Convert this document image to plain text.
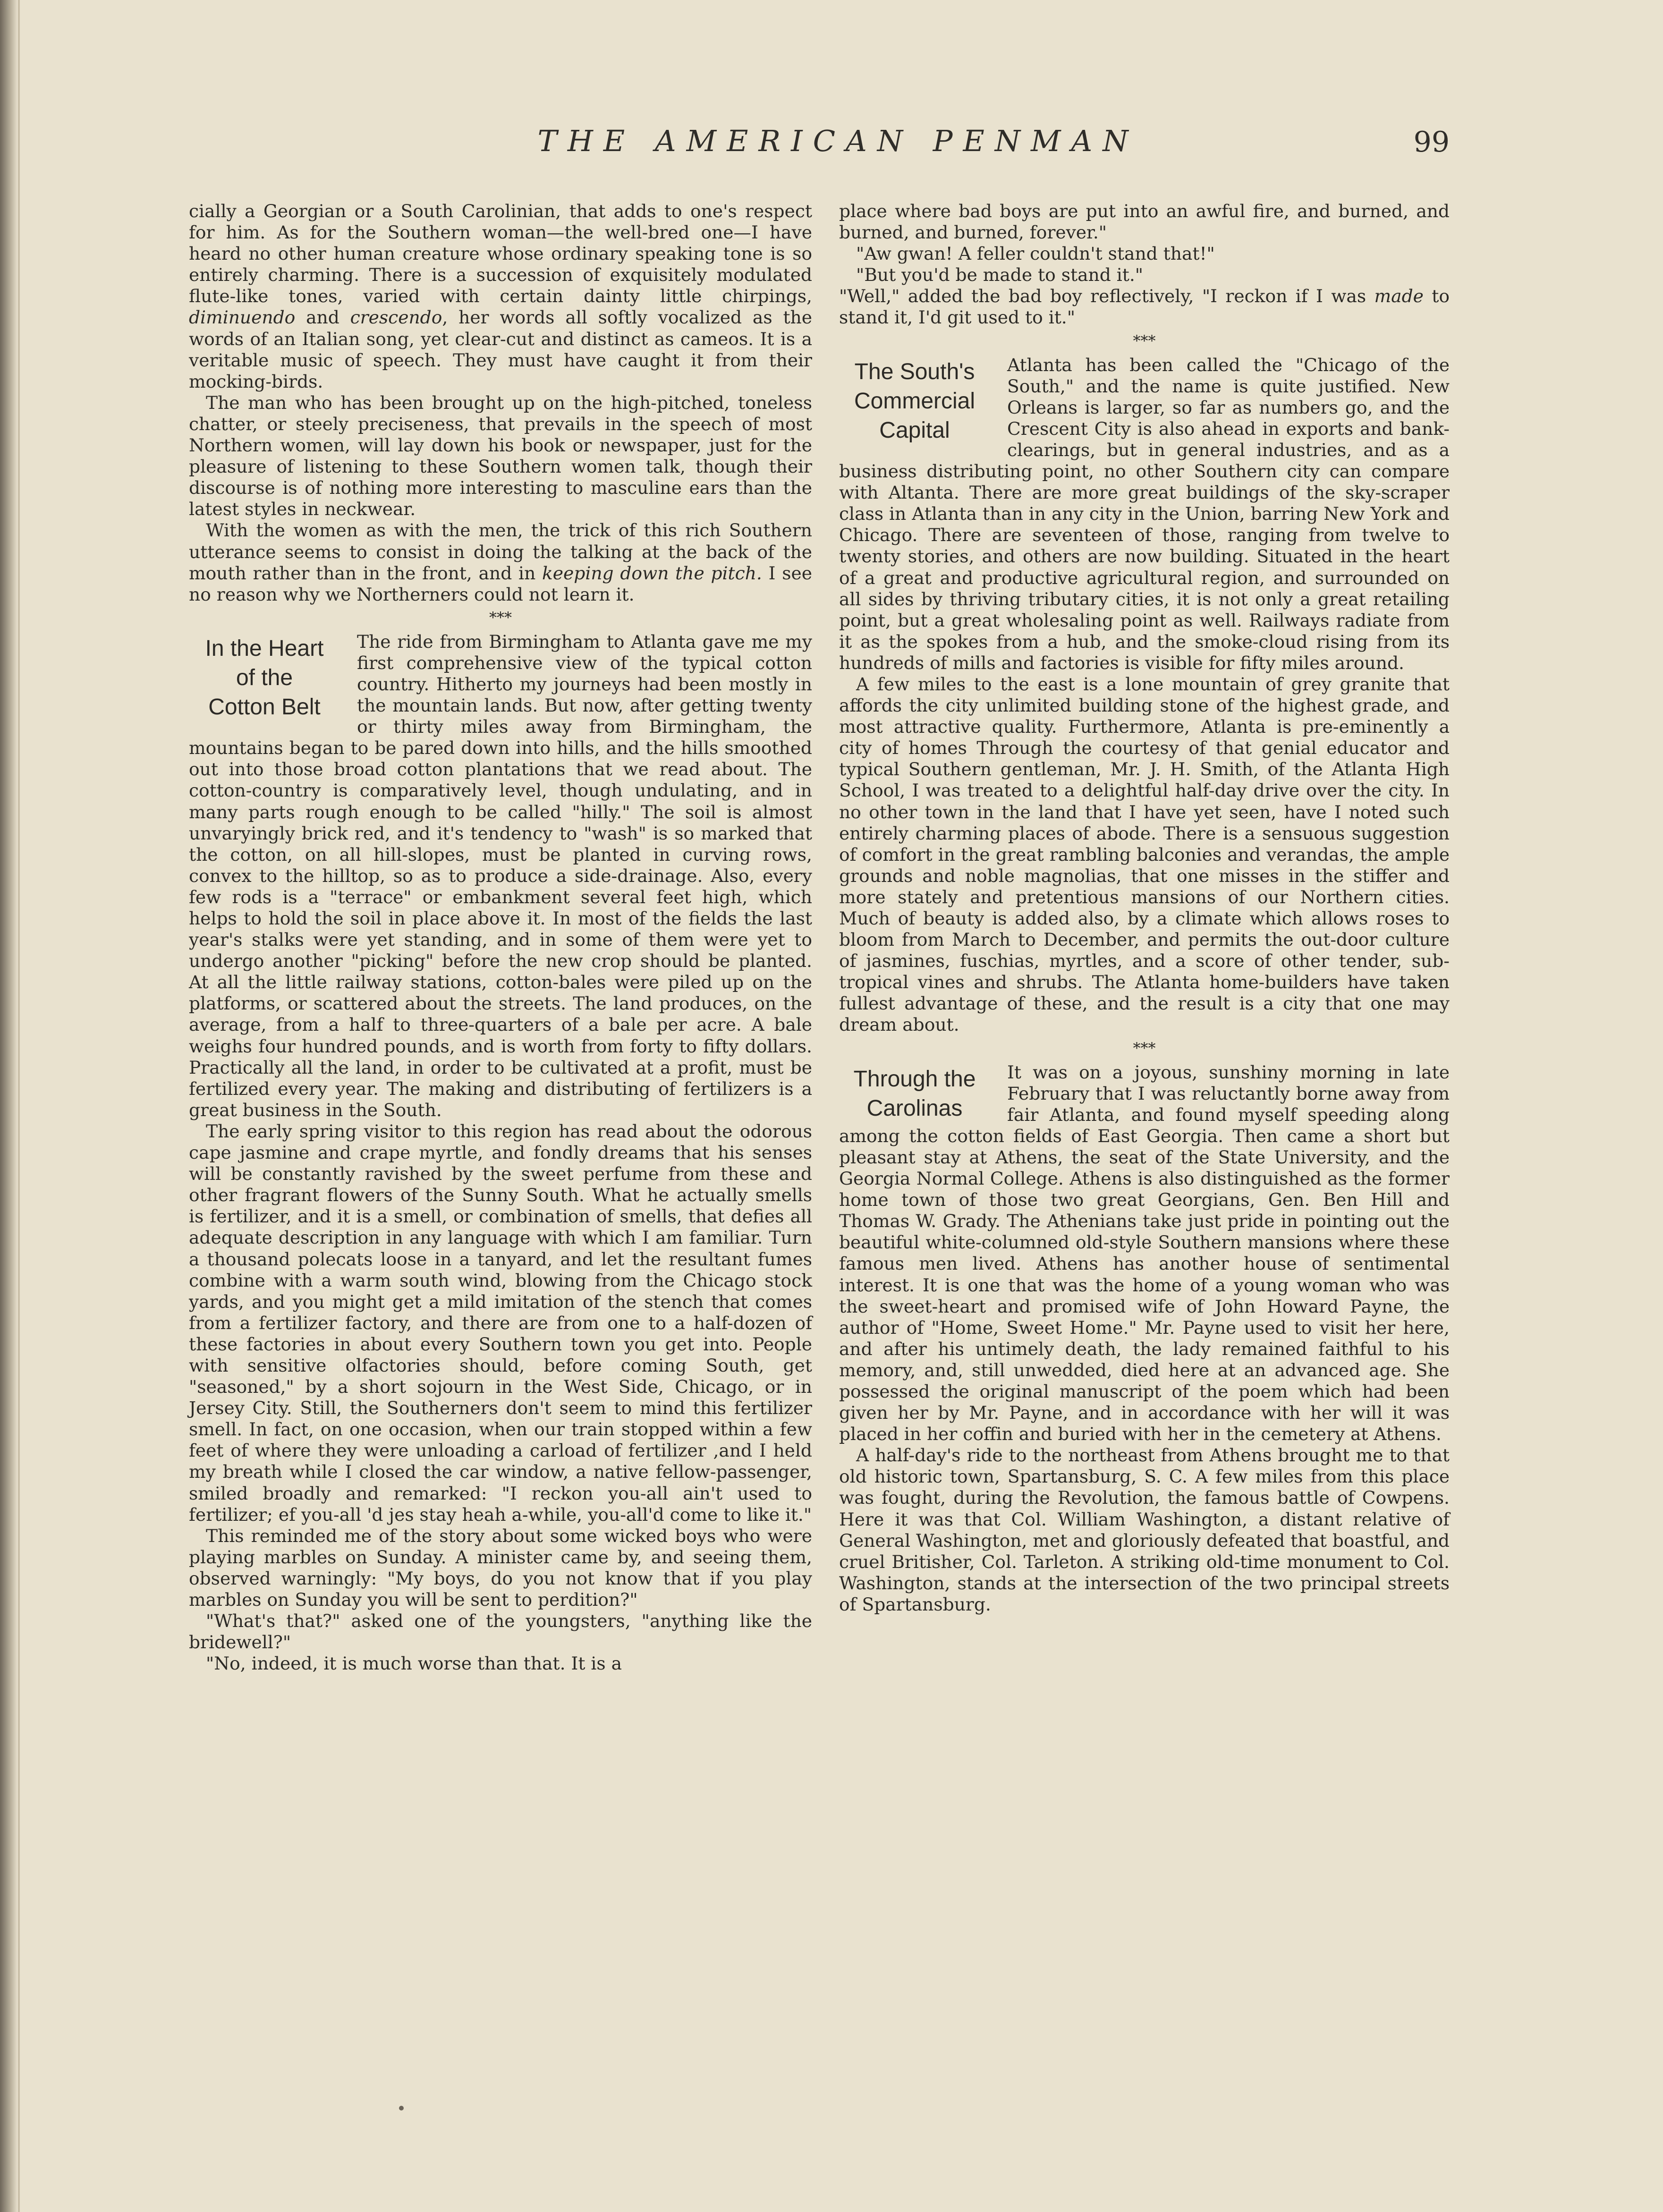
THE AMERICAN PENMAN	99

cially a Georgian or a South Carolinian, that adds to one's respect for him. As for the Southern woman—the well-bred one—I have heard no other human creature whose ordinary speaking tone is so entirely charming. There is a succession of exquisitely modulated flute-like tones, varied with certain dainty little chirpings, diminuendo and crescendo, her words all softly vocalized as the words of an Italian song, yet clear-cut and distinct as cameos. It is a veritable music of speech. They must have caught it from their mocking-birds.

The man who has been brought up on the high-pitched, toneless chatter, or steely preciseness, that prevails in the speech of most Northern women, will lay down his book or newspaper, just for the pleasure of listening to these Southern women talk, though their discourse is of nothing more interesting to masculine ears than the latest styles in neckwear.

With the women as with the men, the trick of this rich Southern utterance seems to consist in doing the talking at the back of the mouth rather than in the front, and in keeping down the pitch. I see no reason why we Northerners could not learn it.

***
In the Heart
of the
Cotton Belt

The ride from Birmingham to Atlanta gave me my first comprehensive view of the typical cotton country. Hitherto my journeys had been mostly in the mountain lands. But now, after getting twenty or thirty miles away from Birmingham, the mountains began to be pared down into hills, and the hills smoothed out into those broad cotton plantations that we read about. The cotton-country is comparatively level, though undulating, and in many parts rough enough to be called "hilly." The soil is almost unvaryingly brick red, and it's tendency to "wash" is so marked that the cotton, on all hill-slopes, must be planted in curving rows, convex to the hilltop, so as to produce a side-drainage. Also, every few rods is a "terrace" or embankment several feet high, which helps to hold the soil in place above it. In most of the fields the last year's stalks were yet standing, and in some of them were yet to undergo another "picking" before the new crop should be planted. At all the little railway stations, cotton-bales were piled up on the platforms, or scattered about the streets. The land produces, on the average, from a half to three-quarters of a bale per acre. A bale weighs four hundred pounds, and is worth from forty to fifty dollars. Practically all the land, in order to be cultivated at a profit, must be fertilized every year. The making and distributing of fertilizers is a great business in the South.

The early spring visitor to this region has read about the odorous cape jasmine and crape myrtle, and fondly dreams that his senses will be constantly ravished by the sweet perfume from these and other fragrant flowers of the Sunny South. What he actually smells is fertilizer, and it is a smell, or combination of smells, that defies all adequate description in any language with which I am familiar. Turn a thousand polecats loose in a tanyard, and let the resultant fumes combine with a warm south wind, blowing from the Chicago stock yards, and you might get a mild imitation of the stench that comes from a fertilizer factory, and there are from one to a half-dozen of these factories in about every Southern town you get into. People with sensitive olfactories should, before coming South, get "seasoned," by a short sojourn in the West Side, Chicago, or in Jersey City. Still, the Southerners don't seem to mind this fertilizer smell. In fact, on one occasion, when our train stopped within a few feet of where they were unloading a carload of fertilizer ,and I held my breath while I closed the car window, a native fellow-passenger, smiled broadly and remarked: "I reckon you-all ain't used to fertilizer; ef you-all 'd jes stay heah a-while, you-all'd come to like it."

This reminded me of the story about some wicked boys who were playing marbles on Sunday. A minister came by, and seeing them, observed warningly: "My boys, do you not know that if you play marbles on Sunday you will be sent to perdition?"

"What's that?" asked one of the youngsters, "anything like the bridewell?"

"No, indeed, it is much worse than that. It is a

place where bad boys are put into an awful fire, and burned, and burned, and burned, forever."

"Aw gwan! A feller couldn't stand that!"

"But you'd be made to stand it."

"Well," added the bad boy reflectively, "I reckon if I was made to stand it, I'd git used to it."

***
The South's
Commercial
Capital

Atlanta has been called the "Chicago of the South," and the name is quite justified. New Orleans is larger, so far as numbers go, and the Crescent City is also ahead in exports and bank-clearings, but in general industries, and as a business distributing point, no other Southern city can compare with Altanta. There are more great buildings of the sky-scraper class in Atlanta than in any city in the Union, barring New York and Chicago. There are seventeen of those, ranging from twelve to twenty stories, and others are now building. Situated in the heart of a great and productive agricultural region, and surrounded on all sides by thriving tributary cities, it is not only a great retailing point, but a great wholesaling point as well. Railways radiate from it as the spokes from a hub, and the smoke-cloud rising from its hundreds of mills and factories is visible for fifty miles around.

A few miles to the east is a lone mountain of grey granite that affords the city unlimited building stone of the highest grade, and most attractive quality. Furthermore, Atlanta is pre-eminently a city of homes Through the courtesy of that genial educator and typical Southern gentleman, Mr. J. H. Smith, of the Atlanta High School, I was treated to a delightful half-day drive over the city. In no other town in the land that I have yet seen, have I noted such entirely charming places of abode. There is a sensuous suggestion of comfort in the great rambling balconies and verandas, the ample grounds and noble magnolias, that one misses in the stiffer and more stately and pretentious mansions of our Northern cities. Much of beauty is added also, by a climate which allows roses to bloom from March to December, and permits the out-door culture of jasmines, fuschias, myrtles, and a score of other tender, sub-tropical vines and shrubs. The Atlanta home-builders have taken fullest advantage of these, and the result is a city that one may dream about.

***
Through the
Carolinas

It was on a joyous, sunshiny morning in late February that I was reluctantly borne away from fair Atlanta, and found myself speeding along among the cotton fields of East Georgia. Then came a short but pleasant stay at Athens, the seat of the State University, and the Georgia Normal College. Athens is also distinguished as the former home town of those two great Georgians, Gen. Ben Hill and Thomas W. Grady. The Athenians take just pride in pointing out the beautiful white-columned old-style Southern mansions where these famous men lived. Athens has another house of sentimental interest. It is one that was the home of a young woman who was the sweet-heart and promised wife of John Howard Payne, the author of "Home, Sweet Home." Mr. Payne used to visit her here, and after his untimely death, the lady remained faithful to his memory, and, still unwedded, died here at an advanced age. She possessed the original manuscript of the poem which had been given her by Mr. Payne, and in accordance with her will it was placed in her coffin and buried with her in the cemetery at Athens.

A half-day's ride to the northeast from Athens brought me to that old historic town, Spartansburg, S. C. A few miles from this place was fought, during the Revolution, the famous battle of Cowpens. Here it was that Col. William Washington, a distant relative of General Washington, met and gloriously defeated that boastful, and cruel Britisher, Col. Tarleton. A striking old-time monument to Col. Washington, stands at the intersection of the two principal streets of Spartansburg.
